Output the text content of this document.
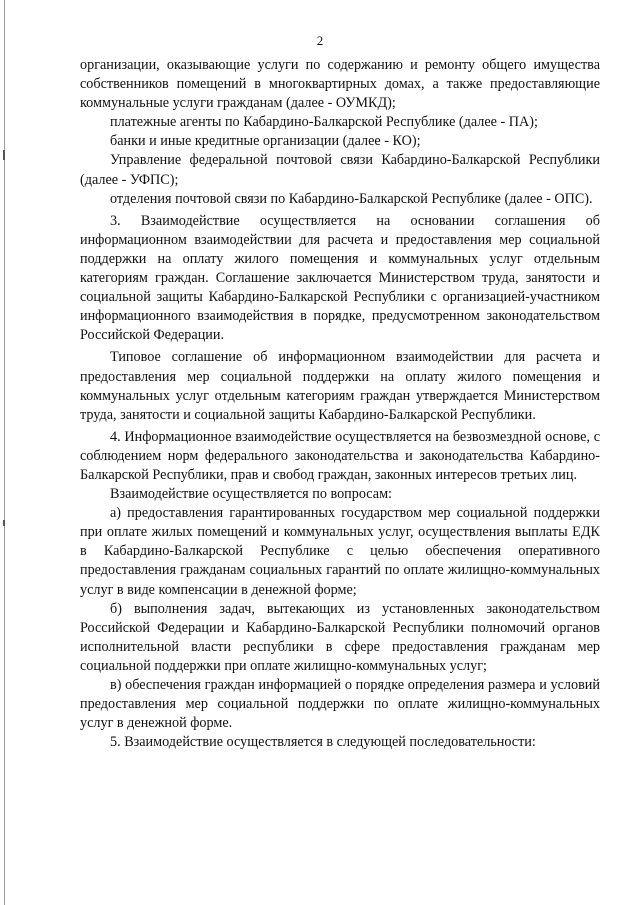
2

организации, оказывающие услуги по содержанию и ремонту общего имущества собственников помещений в многоквартирных домах, а также предоставляющие коммунальные услуги гражданам (далее - ОУМКД);

платежные агенты по Кабардино-Балкарской Республике (далее - ПА);

банки и иные кредитные организации (далее - КО);

Управление федеральной почтовой связи Кабардино-Балкарской Республики (далее - УФПС);

отделения почтовой связи по Кабардино-Балкарской Республике (далее - ОПС).

3. Взаимодействие осуществляется на основании соглашения об информационном взаимодействии для расчета и предоставления мер социальной поддержки на оплату жилого помещения и коммунальных услуг отдельным категориям граждан. Соглашение заключается Министерством труда, занятости и социальной защиты Кабардино-Балкарской Республики с организацией-участником информационного взаимодействия в порядке, предусмотренном законодательством Российской Федерации.

Типовое соглашение об информационном взаимодействии для расчета и предоставления мер социальной поддержки на оплату жилого помещения и коммунальных услуг отдельным категориям граждан утверждается Министерством труда, занятости и социальной защиты Кабардино-Балкарской Республики.

4. Информационное взаимодействие осуществляется на безвозмездной основе, с соблюдением норм федерального законодательства и законодательства Кабардино-Балкарской Республики, прав и свобод граждан, законных интересов третьих лиц.

Взаимодействие осуществляется по вопросам:

а) предоставления гарантированных государством мер социальной поддержки при оплате жилых помещений и коммунальных услуг, осуществления выплаты ЕДК в Кабардино-Балкарской Республике с целью обеспечения оперативного предоставления гражданам социальных гарантий по оплате жилищно-коммунальных услуг в виде компенсации в денежной форме;

б) выполнения задач, вытекающих из установленных законодательством Российской Федерации и Кабардино-Балкарской Республики полномочий органов исполнительной власти республики в сфере предоставления гражданам мер социальной поддержки при оплате жилищно-коммунальных услуг;

в) обеспечения граждан информацией о порядке определения размера и условий предоставления мер социальной поддержки по оплате жилищно-коммунальных услуг в денежной форме.

5. Взаимодействие осуществляется в следующей последовательности:
